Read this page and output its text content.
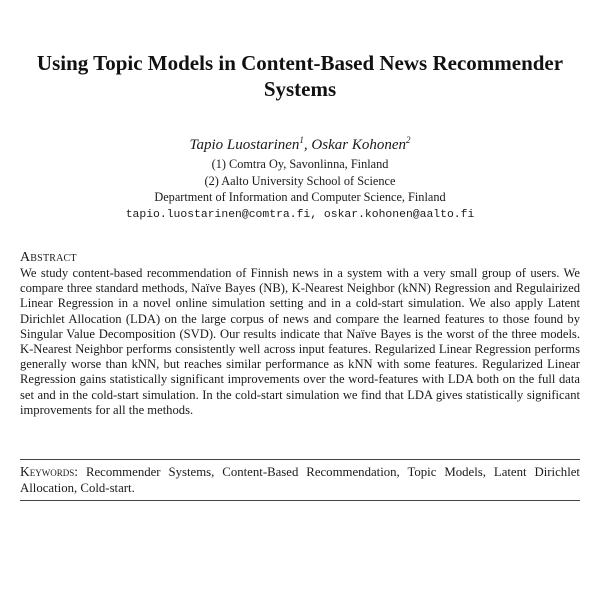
Using Topic Models in Content-Based News Recommender Systems
Tapio Luostarinen$^1$, Oskar Kohonen$^2$
(1) Comtra Oy, Savonlinna, Finland
(2) Aalto University School of Science
Department of Information and Computer Science, Finland
tapio.luostarinen@comtra.fi, oskar.kohonen@aalto.fi
Abstract
We study content-based recommendation of Finnish news in a system with a very small group of users. We compare three standard methods, Naïve Bayes (NB), K-Nearest Neighbor (kNN) Regression and Regulairized Linear Regression in a novel online simulation setting and in a cold-start simulation. We also apply Latent Dirichlet Allocation (LDA) on the large corpus of news and compare the learned features to those found by Singular Value Decomposition (SVD). Our results indicate that Naïve Bayes is the worst of the three models. K-Nearest Neighbor performs consistently well across input features. Regularized Linear Regression performs generally worse than kNN, but reaches similar performance as kNN with some features. Regularized Linear Regression gains statistically significant improvements over the word-features with LDA both on the full data set and in the cold-start simulation. In the cold-start simulation we find that LDA gives statistically significant improvements for all the methods.
Keywords: Recommender Systems, Content-Based Recommendation, Topic Models, Latent Dirichlet Allocation, Cold-start.
